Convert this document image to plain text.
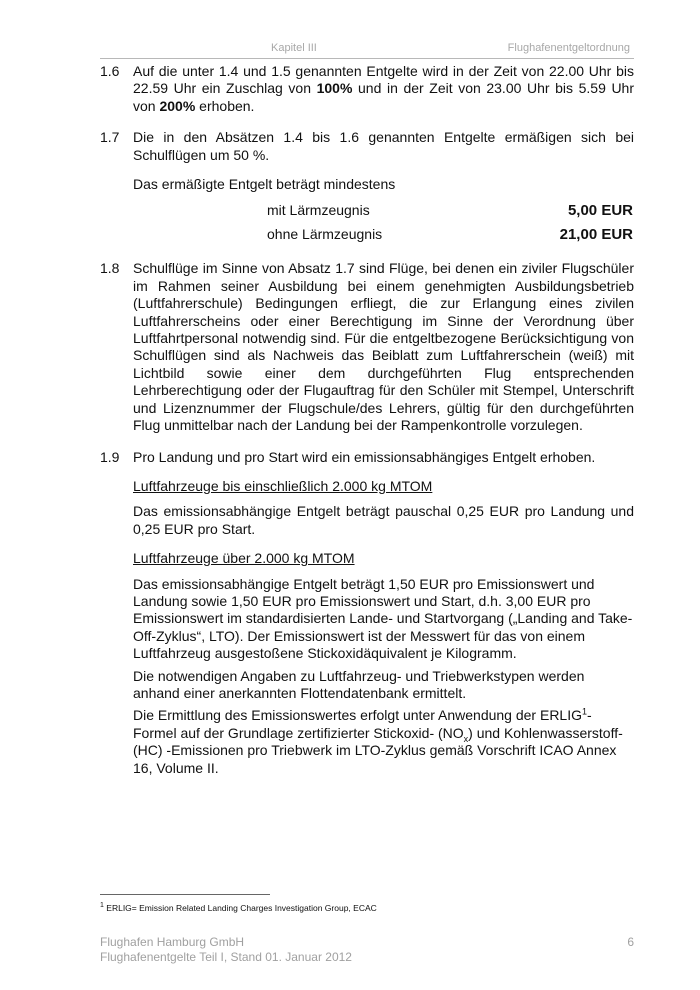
Kapitel III	Flughafenentgeltordnung
1.6 Auf die unter 1.4 und 1.5 genannten Entgelte wird in der Zeit von 22.00 Uhr bis 22.59 Uhr ein Zuschlag von 100% und in der Zeit von 23.00 Uhr bis 5.59 Uhr von 200% erhoben.

1.7 Die in den Absätzen 1.4 bis 1.6 genannten Entgelte ermäßigen sich bei Schulflügen um 50 %.

Das ermäßigte Entgelt beträgt mindestens

mit Lärmzeugnis	5,00 EUR
ohne Lärmzeugnis	21,00 EUR
1.8 Schulflüge im Sinne von Absatz 1.7 sind Flüge, bei denen ein ziviler Flugschüler im Rahmen seiner Ausbildung bei einem genehmigten Ausbildungsbetrieb (Luftfahrerschule) Bedingungen erfliegt, die zur Erlangung eines zivilen Luftfahrerscheins oder einer Berechtigung im Sinne der Verordnung über Luftfahrtpersonal notwendig sind. Für die entgeltbezogene Berücksichtigung von Schulflügen sind als Nachweis das Beiblatt zum Luftfahrerschein (weiß) mit Lichtbild sowie einer dem durchgeführten Flug entsprechenden Lehrberechtigung oder der Flugauftrag für den Schüler mit Stempel, Unterschrift und Lizenznummer der Flugschule/des Lehrers, gültig für den durchgeführten Flug unmittelbar nach der Landung bei der Rampenkontrolle vorzulegen.

1.9 Pro Landung und pro Start wird ein emissionsabhängiges Entgelt erhoben.

Luftfahrzeuge bis einschließlich 2.000 kg MTOM

Das emissionsabhängige Entgelt beträgt pauschal 0,25 EUR pro Landung und 0,25 EUR pro Start.

Luftfahrzeuge über 2.000 kg MTOM

Das emissionsabhängige Entgelt beträgt 1,50 EUR pro Emissionswert und Landung sowie 1,50 EUR pro Emissionswert und Start, d.h. 3,00 EUR pro Emissionswert im standardisierten Lande- und Startvorgang („Landing and Take-Off-Zyklus“, LTO). Der Emissionswert ist der Messwert für das von einem Luftfahrzeug ausgestoßene Stickoxidäquivalent je Kilogramm.

Die notwendigen Angaben zu Luftfahrzeug- und Triebwerkstypen werden anhand einer anerkannten Flottendatenbank ermittelt.

Die Ermittlung des Emissionswertes erfolgt unter Anwendung der ERLIG$^1$-Formel auf der Grundlage zertifizierter Stickoxid- $(NO_x)$ und Kohlenwasserstoff- (HC) -Emissionen pro Triebwerk im LTO-Zyklus gemäß Vorschrift ICAO Annex 16, Volume II.

$^1$ ERLIG= Emission Related Landing Charges Investigation Group, ECAC
Flughafen Hamburg GmbH
Flughafenentgelte Teil I, Stand 01. Januar 2012
6
